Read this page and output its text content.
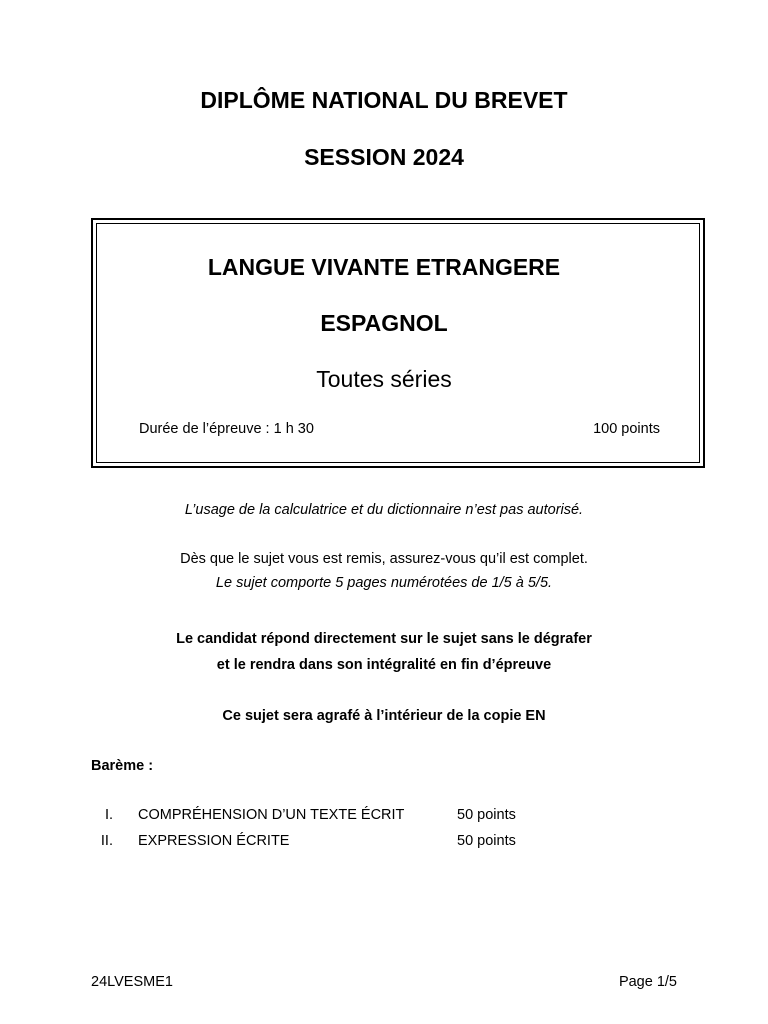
DIPLÔME NATIONAL DU BREVET
SESSION 2024
LANGUE VIVANTE ETRANGERE
ESPAGNOL
Toutes séries
Durée de l’épreuve : 1 h 30	100 points
L’usage de la calculatrice et du dictionnaire n’est pas autorisé.
Dès que le sujet vous est remis, assurez-vous qu’il est complet.
Le sujet comporte 5 pages numérotées de 1/5 à 5/5.
Le candidat répond directement sur le sujet sans le dégrafer
et le rendra dans son intégralité en fin d’épreuve
Ce sujet sera agrafé à l’intérieur de la copie EN
Barème :
I. COMPRÉHENSION D’UN TEXTE ÉCRIT	50 points
II. EXPRESSION ÉCRITE	50 points
24LVESME1	Page 1/5
